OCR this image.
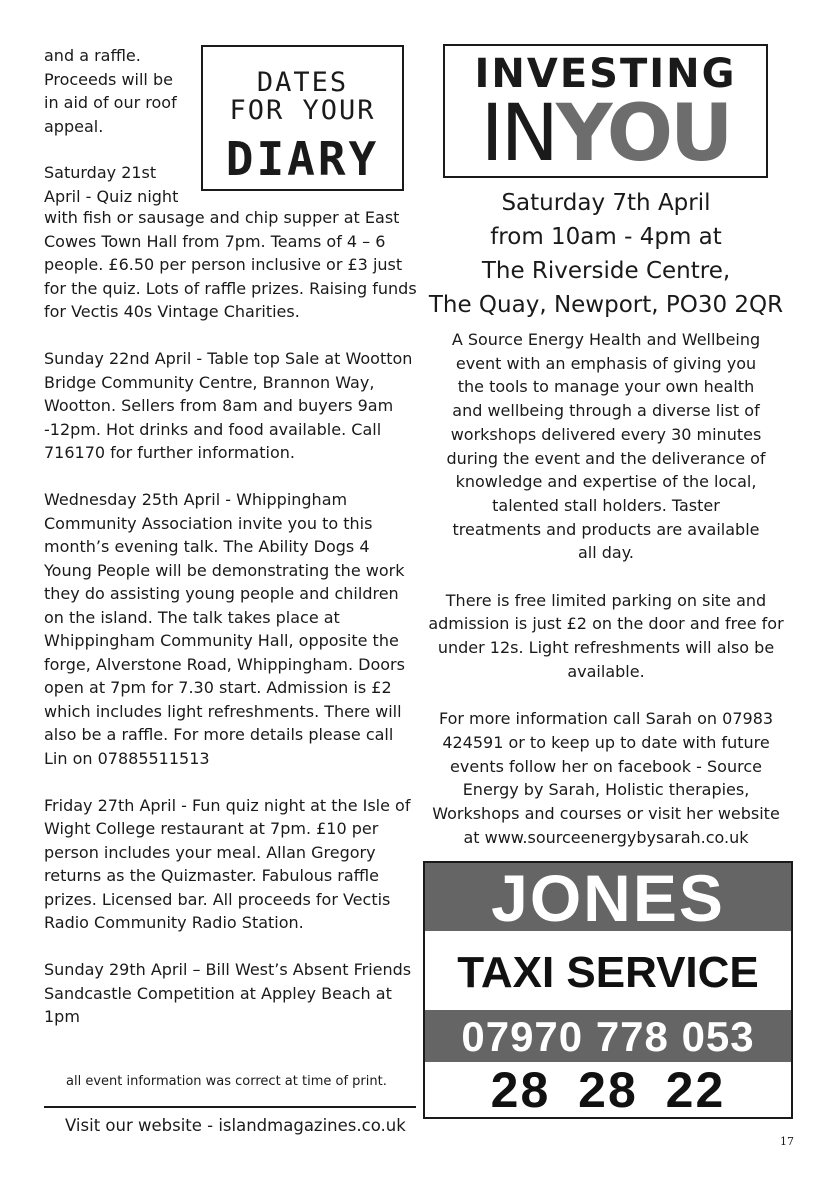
and a raffle.
Proceeds will be
in aid of our roof
appeal.
Saturday 21st
April - Quiz night
DATES
FOR YOUR
DIARY

with fish or sausage and chip supper at East Cowes Town Hall from 7pm. Teams of 4 – 6 people. £6.50 per person inclusive or £3 just for the quiz. Lots of raffle prizes. Raising funds for Vectis 40s Vintage Charities.

Sunday 22nd April - Table top Sale at Wootton Bridge Community Centre, Brannon Way, Wootton. Sellers from 8am and buyers 9am -12pm. Hot drinks and food available. Call 716170 for further information.

Wednesday 25th April - Whippingham Community Association invite you to this month’s evening talk. The Ability Dogs 4 Young People will be demonstrating the work they do assisting young people and children on the island. The talk takes place at Whippingham Community Hall, opposite the forge, Alverstone Road, Whippingham. Doors open at 7pm for 7.30 start. Admission is £2 which includes light refreshments. There will also be a raffle. For more details please call Lin on 07885511513

Friday 27th April - Fun quiz night at the Isle of Wight College restaurant at 7pm. £10 per person includes your meal. Allan Gregory returns as the Quizmaster. Fabulous raffle prizes. Licensed bar. All proceeds for Vectis Radio Community Radio Station.

Sunday 29th April – Bill West’s Absent Friends Sandcastle Competition at Appley Beach at 1pm

all event information was correct at time of print.
Visit our website - islandmagazines.co.uk
17
INVESTING
INYOU
Saturday 7th April
from 10am - 4pm at
The Riverside Centre,
The Quay, Newport, PO30 2QR

A Source Energy Health and Wellbeing event with an emphasis of giving you the tools to manage your own health and wellbeing through a diverse list of workshops delivered every 30 minutes during the event and the deliverance of knowledge and expertise of the local, talented stall holders. Taster treatments and products are available all day.

There is free limited parking on site and admission is just £2 on the door and free for under 12s. Light refreshments will also be available.

For more information call Sarah on 07983 424591 or to keep up to date with future events follow her on facebook - Source Energy by Sarah, Holistic therapies, Workshops and courses or visit her website at www.sourceenergybysarah.co.uk

JONES
TAXI SERVICE
07970 778 053
28 28 22
